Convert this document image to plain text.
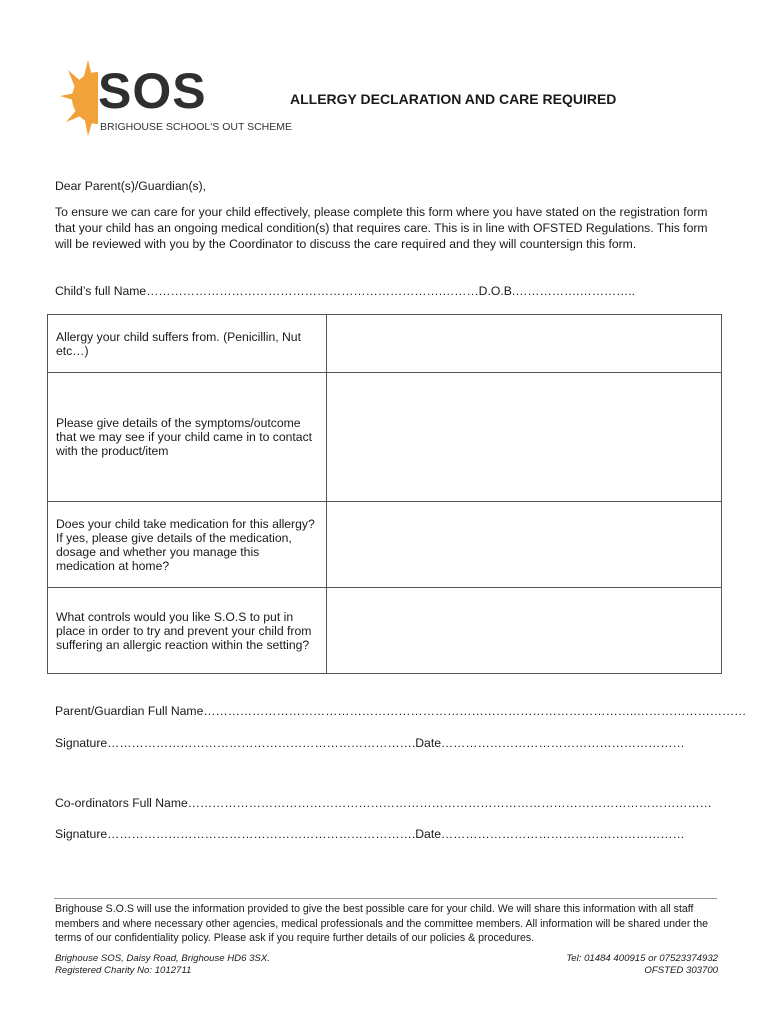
SOS
BRIGHOUSE SCHOOL'S OUT SCHEME
ALLERGY DECLARATION AND CARE REQUIRED
Dear Parent(s)/Guardian(s),
To ensure we can care for your child effectively, please complete this form where you have stated on the registration form that your child has an ongoing medical condition(s) that requires care. This is in line with OFSTED Regulations. This form will be reviewed with you by the Coordinator to discuss the care required and they will countersign this form.
Child’s full Name……………………………………………………………….………D.O.B.…………….…………..
Allergy your child suffers from. (Penicillin, Nut etc…)	
Please give details of the symptoms/outcome that we may see if your child came in to contact with the product/item	
Does your child take medication for this allergy? If yes, please give details of the medication, dosage and whether you manage this medication at home?	
What controls would you like S.O.S to put in place in order to try and prevent your child from suffering an allergic reaction within the setting?	
Parent/Guardian Full Name……………………………………………………………………………………………..………………………
Signature………………………………………………………………….Date……………………………………………………
Co-ordinators Full Name…………………………………………………………………………………………………………………
Signature………………………………………………………………….Date……………………………………………………
Brighouse S.O.S will use the information provided to give the best possible care for your child. We will share this information with all staff members and where necessary other agencies, medical professionals and the committee members. All information will be shared under the terms of our confidentiality policy. Please ask if you require further details of our policies & procedures.
Brighouse SOS, Daisy Road, Brighouse HD6 3SX.
Registered Charity No: 1012711
Tel: 01484 400915 or 07523374932
OFSTED 303700
